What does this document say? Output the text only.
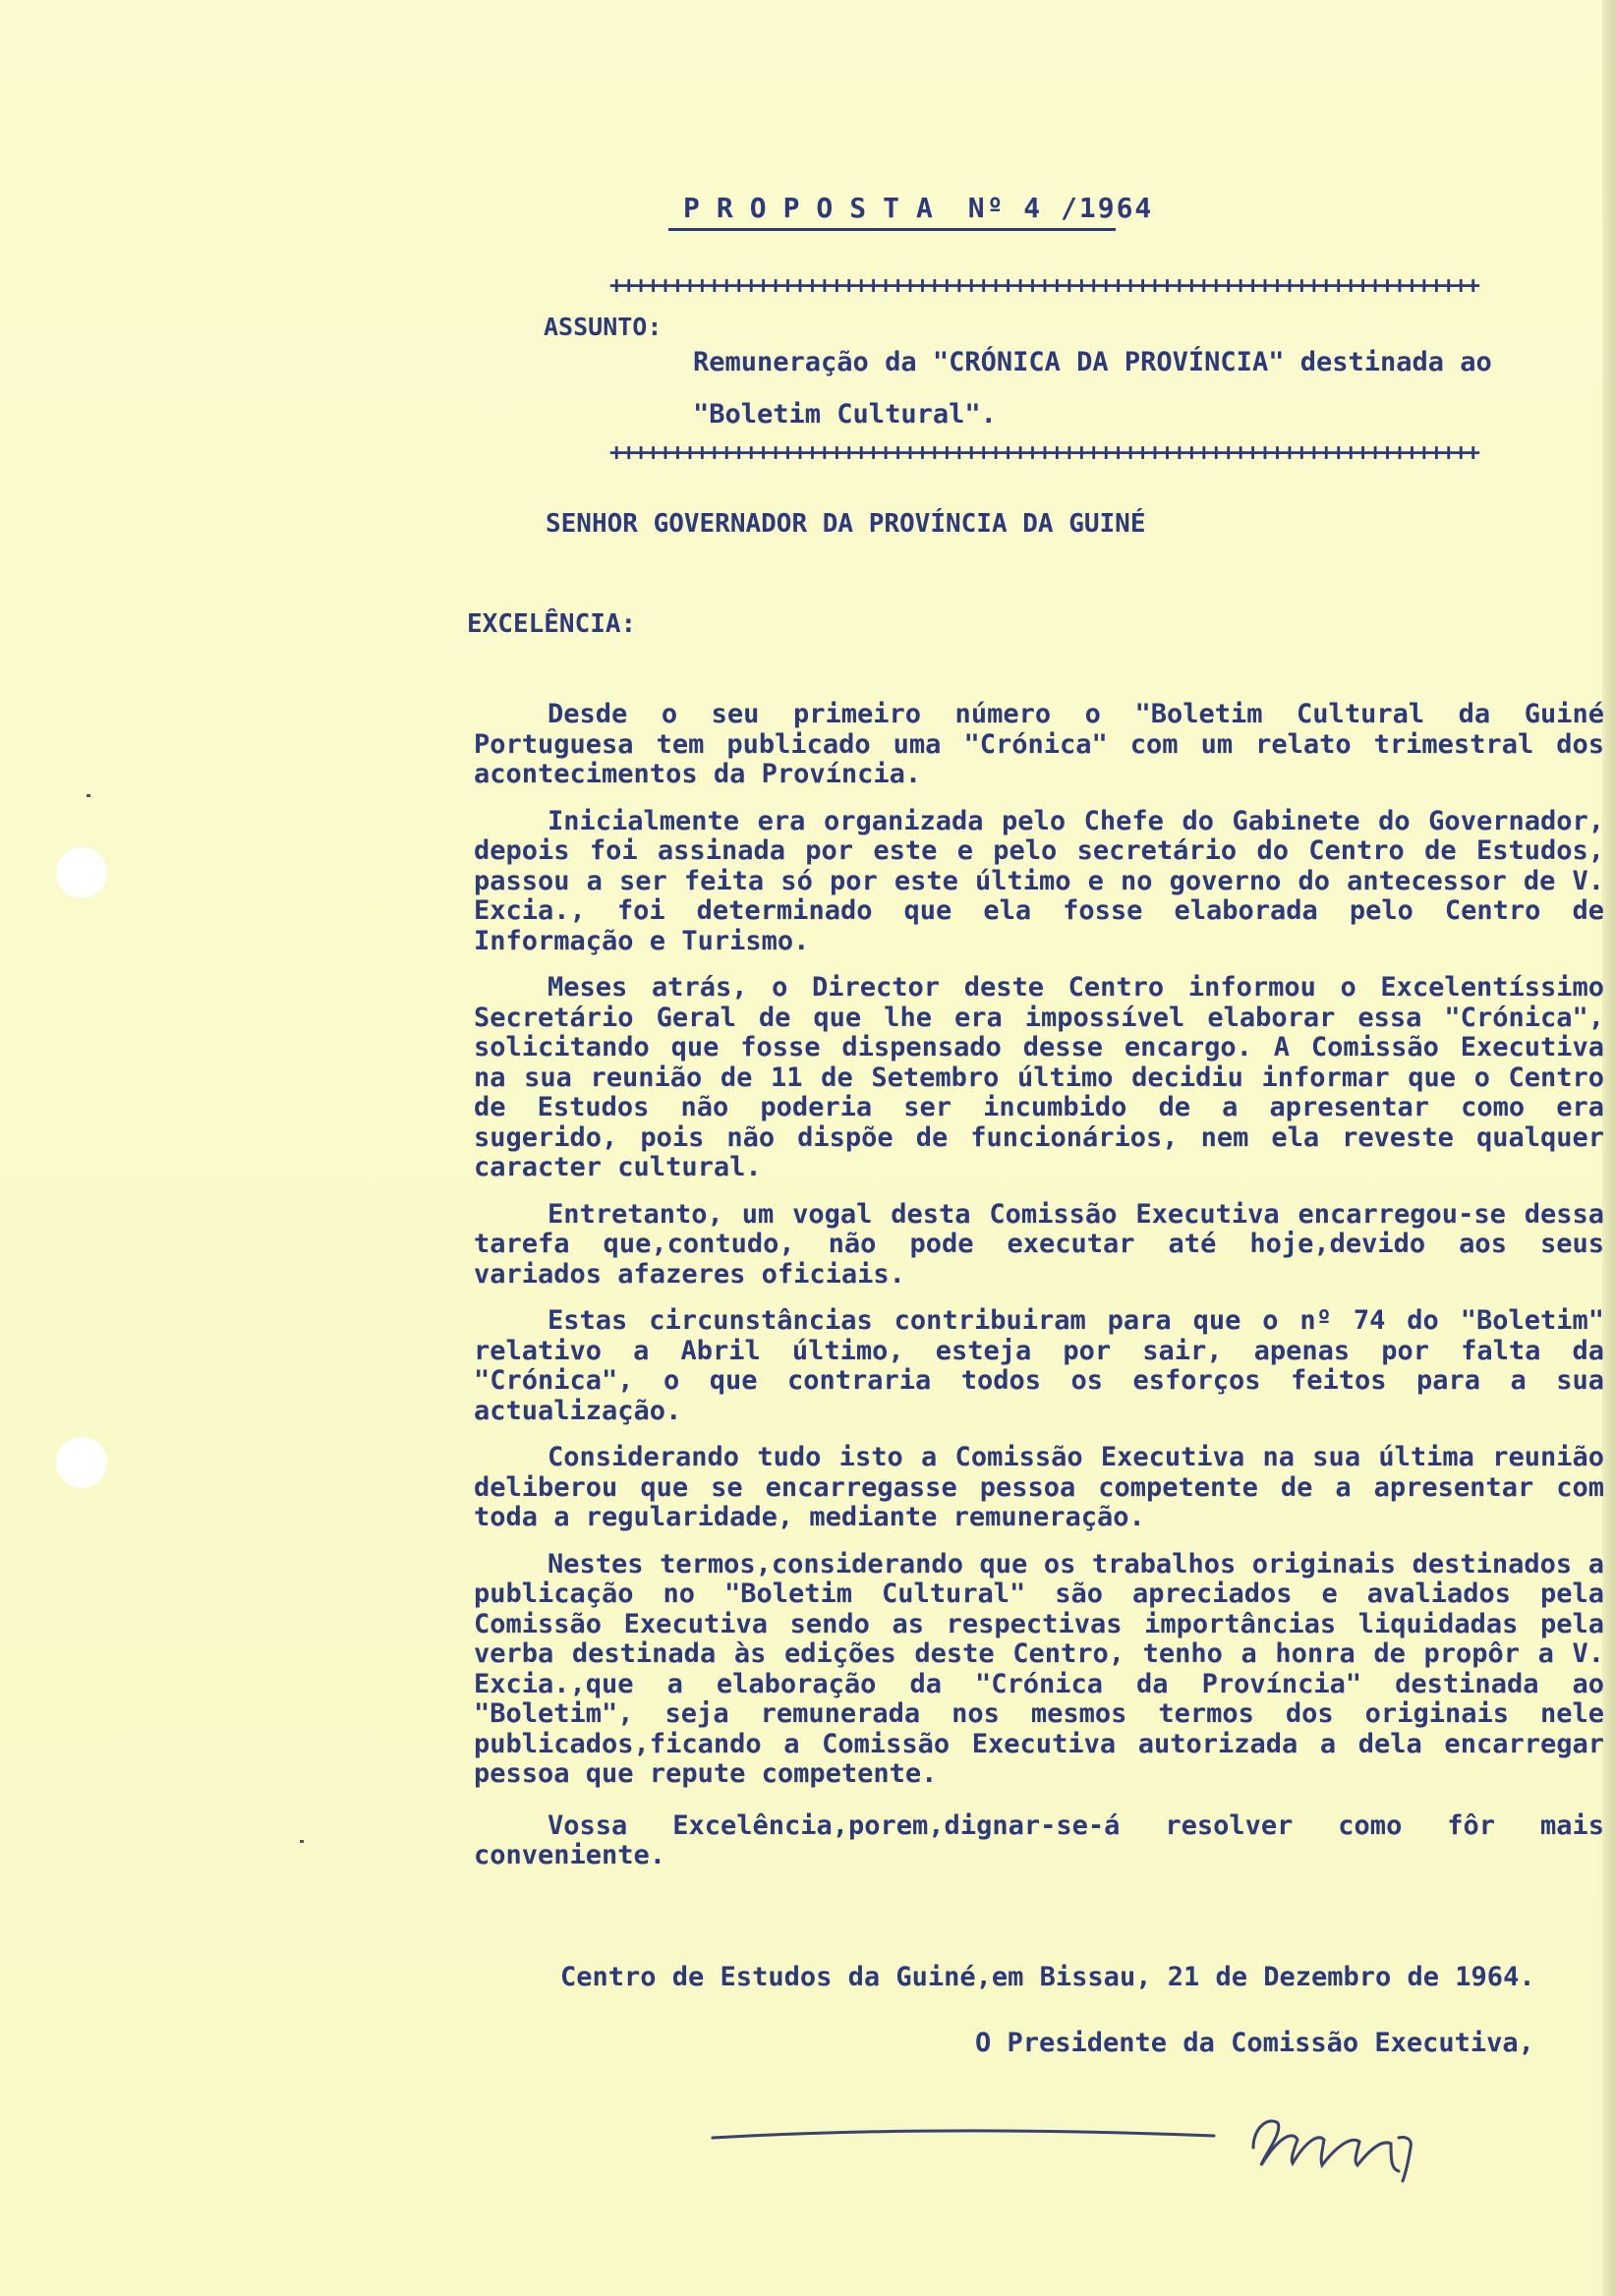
PROPOSTA Nº 4 /1964
+++++++++++++++++++++++++++++++++++++++++++++++++++++++++++++++++++++++
ASSUNTO:
Remuneração da "CRÓNICA DA PROVÍNCIA" destinada ao
"Boletim Cultural".
+++++++++++++++++++++++++++++++++++++++++++++++++++++++++++++++++++++++
SENHOR GOVERNADOR DA PROVÍNCIA DA GUINÉ
EXCELÊNCIA:

Desde o seu primeiro número o "Boletim Cultural da Guiné Portuguesa tem publicado uma "Crónica" com um relato trimestral dos acontecimentos da Província.

Inicialmente era organizada pelo Chefe do Gabinete do Governador, depois foi assinada por este e pelo secretário do Centro de Estudos, passou a ser feita só por este último e no governo do antecessor de V. Excia., foi determinado que ela fosse elaborada pelo Centro de Informação e Turismo.

Meses atrás, o Director deste Centro informou o Excelentíssimo Secretário Geral de que lhe era impossível elaborar essa "Crónica", solicitando que fosse dispensado desse encargo. A Comissão Executiva na sua reunião de 11 de Setembro último decidiu informar que o Centro de Estudos não poderia ser incumbido de a apresentar como era sugerido, pois não dispõe de funcionários, nem ela reveste qualquer caracter cultural.

Entretanto, um vogal desta Comissão Executiva encarregou-se dessa tarefa que,contudo, não pode executar até hoje,devido aos seus variados afazeres oficiais.

Estas circunstâncias contribuiram para que o nº 74 do "Boletim" relativo a Abril último, esteja por sair, apenas por falta da "Crónica", o que contraria todos os esforços feitos para a sua actualização.

Considerando tudo isto a Comissão Executiva na sua última reunião deliberou que se encarregasse pessoa competente de a apresentar com toda a regularidade, mediante remuneração.

Nestes termos,considerando que os trabalhos originais destinados a publicação no "Boletim Cultural" são apreciados e avaliados pela Comissão Executiva sendo as respectivas importâncias liquidadas pela verba destinada às edições deste Centro, tenho a honra de propôr a V. Excia.,que a elaboração da "Crónica da Província" destinada ao "Boletim", seja remunerada nos mesmos termos dos originais nele publicados,ficando a Comissão Executiva autorizada a dela encarregar pessoa que repute competente.

Vossa Excelência,porem,dignar-se-á resolver como fôr mais conveniente.

Centro de Estudos da Guiné,em Bissau, 21 de Dezembro de 1964.
O Presidente da Comissão Executiva,
